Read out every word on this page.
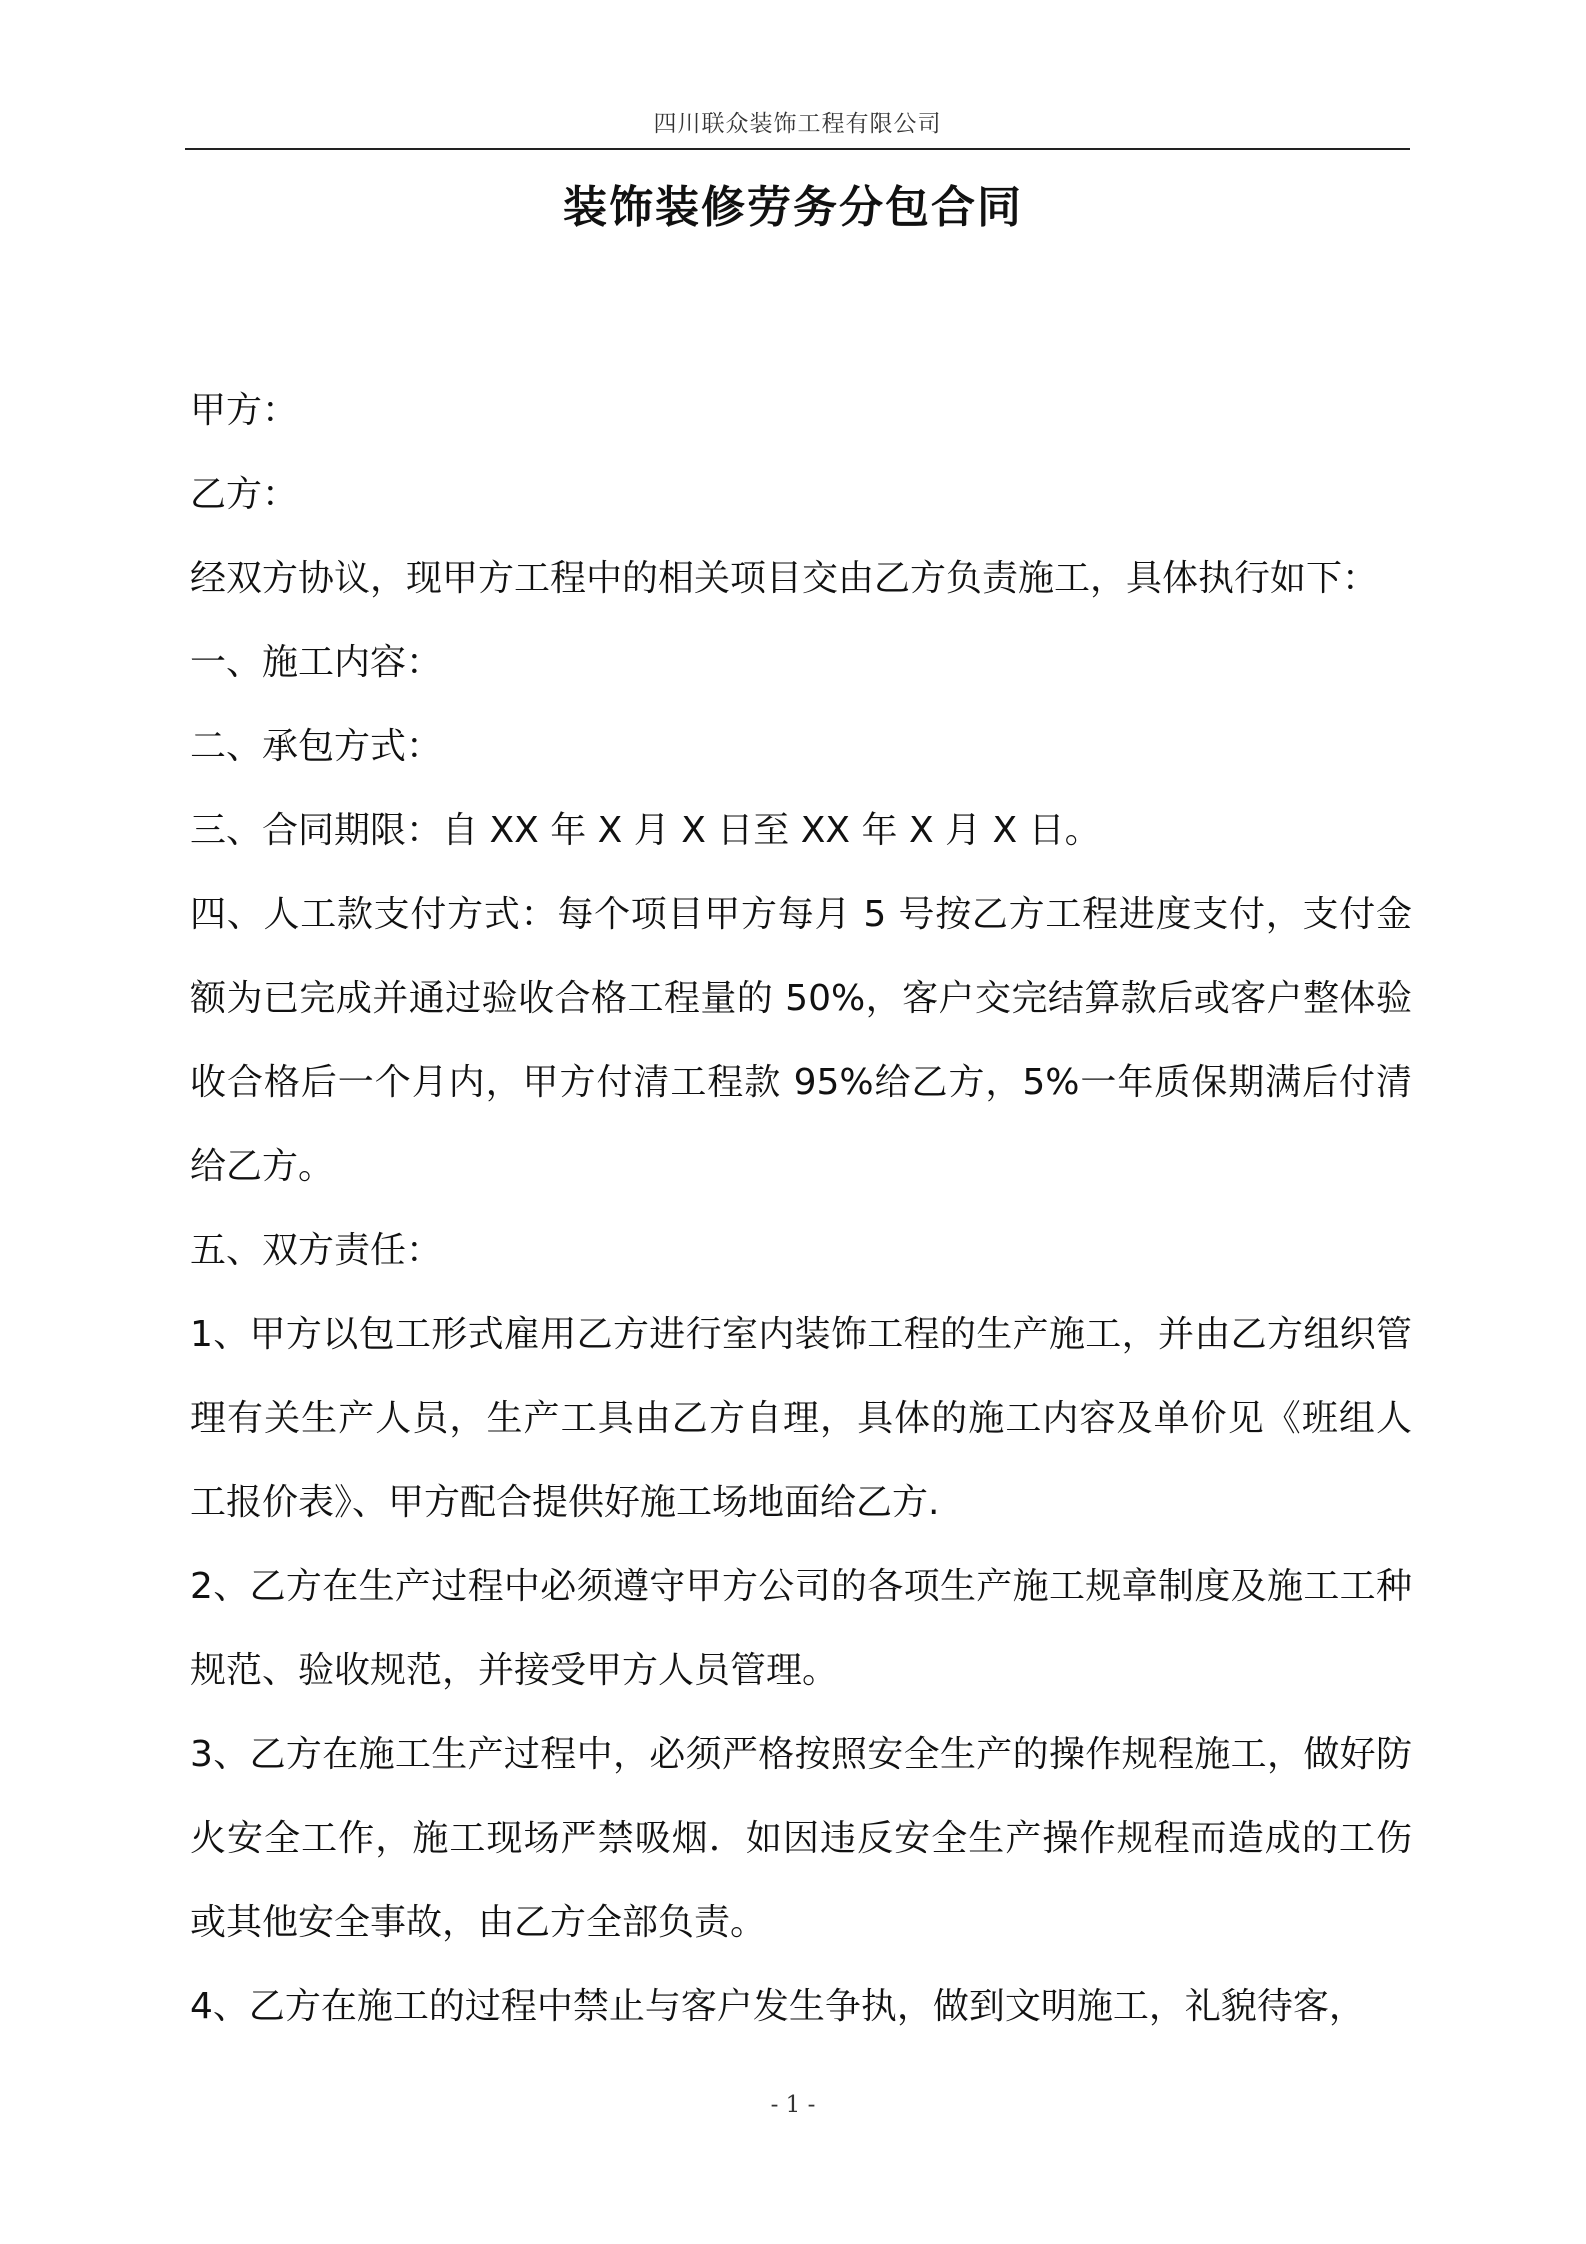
四川联众装饰工程有限公司
装饰装修劳务分包合同

甲方：

乙方：

经双方协议，现甲方工程中的相关项目交由乙方负责施工，具体执行如下：

一、施工内容：

二、承包方式：

三、合同期限：自 XX 年 X 月 X 日至 XX 年 X 月 X 日。

四、人工款支付方式：每个项目甲方每月 5 号按乙方工程进度支付，支付金额为已完成并通过验收合格工程量的 50%，客户交完结算款后或客户整体验收合格后一个月内，甲方付清工程款 95%给乙方，5%一年质保期满后付清给乙方。

五、双方责任：

1、甲方以包工形式雇用乙方进行室内装饰工程的生产施工，并由乙方组织管理有关生产人员，生产工具由乙方自理，具体的施工内容及单价见《班组人工报价表》、甲方配合提供好施工场地面给乙方.

2、乙方在生产过程中必须遵守甲方公司的各项生产施工规章制度及施工工种规范、验收规范，并接受甲方人员管理。

3、乙方在施工生产过程中，必须严格按照安全生产的操作规程施工，做好防火安全工作，施工现场严禁吸烟．如因违反安全生产操作规程而造成的工伤或其他安全事故，由乙方全部负责。

4、乙方在施工的过程中禁止与客户发生争执，做到文明施工，礼貌待客，

- 1 -
